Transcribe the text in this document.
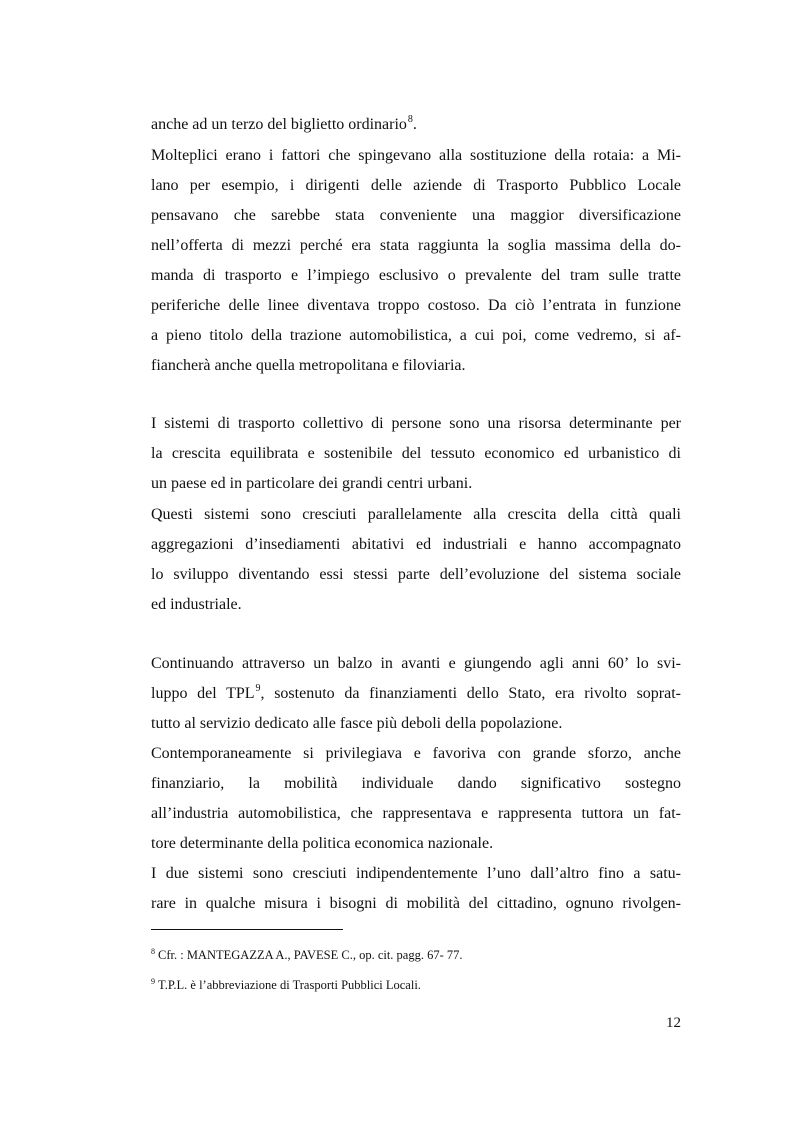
anche ad un terzo del biglietto ordinario$^8$.
Molteplici erano i fattori che spingevano alla sostituzione della rotaia: a Mi-
lano per esempio, i dirigenti delle aziende di Trasporto Pubblico Locale
pensavano che sarebbe stata conveniente una maggior diversificazione
nell’offerta di mezzi perché era stata raggiunta la soglia massima della do-
manda di trasporto e l’impiego esclusivo o prevalente del tram sulle tratte
periferiche delle linee diventava troppo costoso. Da ciò l’entrata in funzione
a pieno titolo della trazione automobilistica, a cui poi, come vedremo, si af-
fiancherà anche quella metropolitana e filoviaria.
I sistemi di trasporto collettivo di persone sono una risorsa determinante per
la crescita equilibrata e sostenibile del tessuto economico ed urbanistico di
un paese ed in particolare dei grandi centri urbani.
Questi sistemi sono cresciuti parallelamente alla crescita della città quali
aggregazioni d’insediamenti abitativi ed industriali e hanno accompagnato
lo sviluppo diventando essi stessi parte dell’evoluzione del sistema sociale
ed industriale.
Continuando attraverso un balzo in avanti e giungendo agli anni 60’ lo svi-
luppo del TPL$^9$, sostenuto da finanziamenti dello Stato, era rivolto soprat-
tutto al servizio dedicato alle fasce più deboli della popolazione.
Contemporaneamente si privilegiava e favoriva con grande sforzo, anche
finanziario, la mobilità individuale dando significativo sostegno
all’industria automobilistica, che rappresentava e rappresenta tuttora un fat-
tore determinante della politica economica nazionale.
I due sistemi sono cresciuti indipendentemente l’uno dall’altro fino a satu-
rare in qualche misura i bisogni di mobilità del cittadino, ognuno rivolgen-
$^8$ Cfr. : MANTEGAZZA A., PAVESE C., op. cit. pagg. 67- 77.
$^9$ T.P.L. è l’abbreviazione di Trasporti Pubblici Locali.
12
